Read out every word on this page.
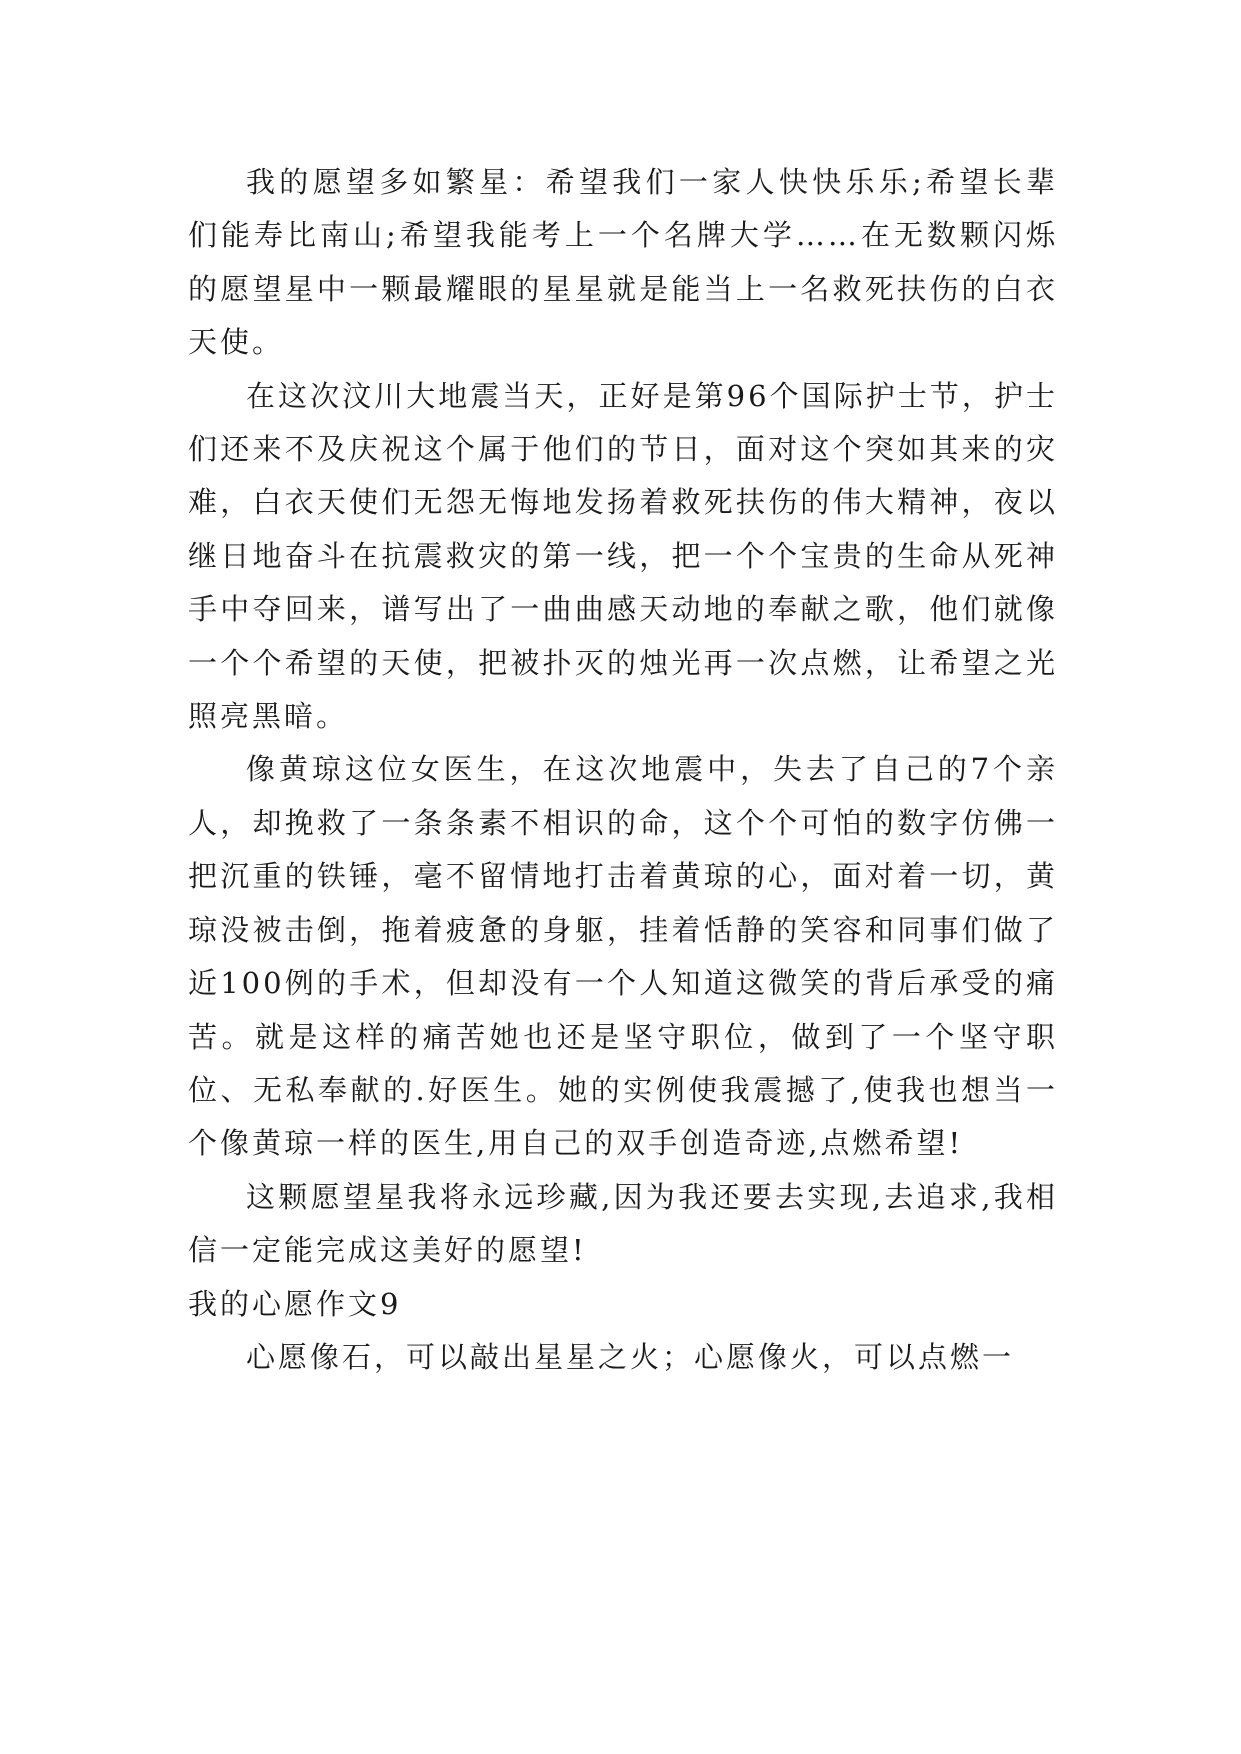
我的愿望多如繁星：希望我们一家人快快乐乐;希望长辈们能寿比南山;希望我能考上一个名牌大学……在无数颗闪烁的愿望星中一颗最耀眼的星星就是能当上一名救死扶伤的白衣天使。

在这次汶川大地震当天，正好是第96个国际护士节，护士们还来不及庆祝这个属于他们的节日，面对这个突如其来的灾难，白衣天使们无怨无悔地发扬着救死扶伤的伟大精神，夜以继日地奋斗在抗震救灾的第一线，把一个个宝贵的生命从死神手中夺回来，谱写出了一曲曲感天动地的奉献之歌，他们就像一个个希望的天使，把被扑灭的烛光再一次点燃，让希望之光照亮黑暗。

像黄琼这位女医生，在这次地震中，失去了自己的7个亲人，却挽救了一条条素不相识的命，这个个可怕的数字仿佛一把沉重的铁锤，毫不留情地打击着黄琼的心，面对着一切，黄琼没被击倒，拖着疲惫的身躯，挂着恬静的笑容和同事们做了近100例的手术，但却没有一个人知道这微笑的背后承受的痛苦。就是这样的痛苦她也还是坚守职位，做到了一个坚守职位、无私奉献的.好医生。她的实例使我震撼了,使我也想当一个像黄琼一样的医生,用自己的双手创造奇迹,点燃希望!

这颗愿望星我将永远珍藏,因为我还要去实现,去追求,我相信一定能完成这美好的愿望!

我的心愿作文9

心愿像石，可以敲出星星之火；心愿像火，可以点燃一
